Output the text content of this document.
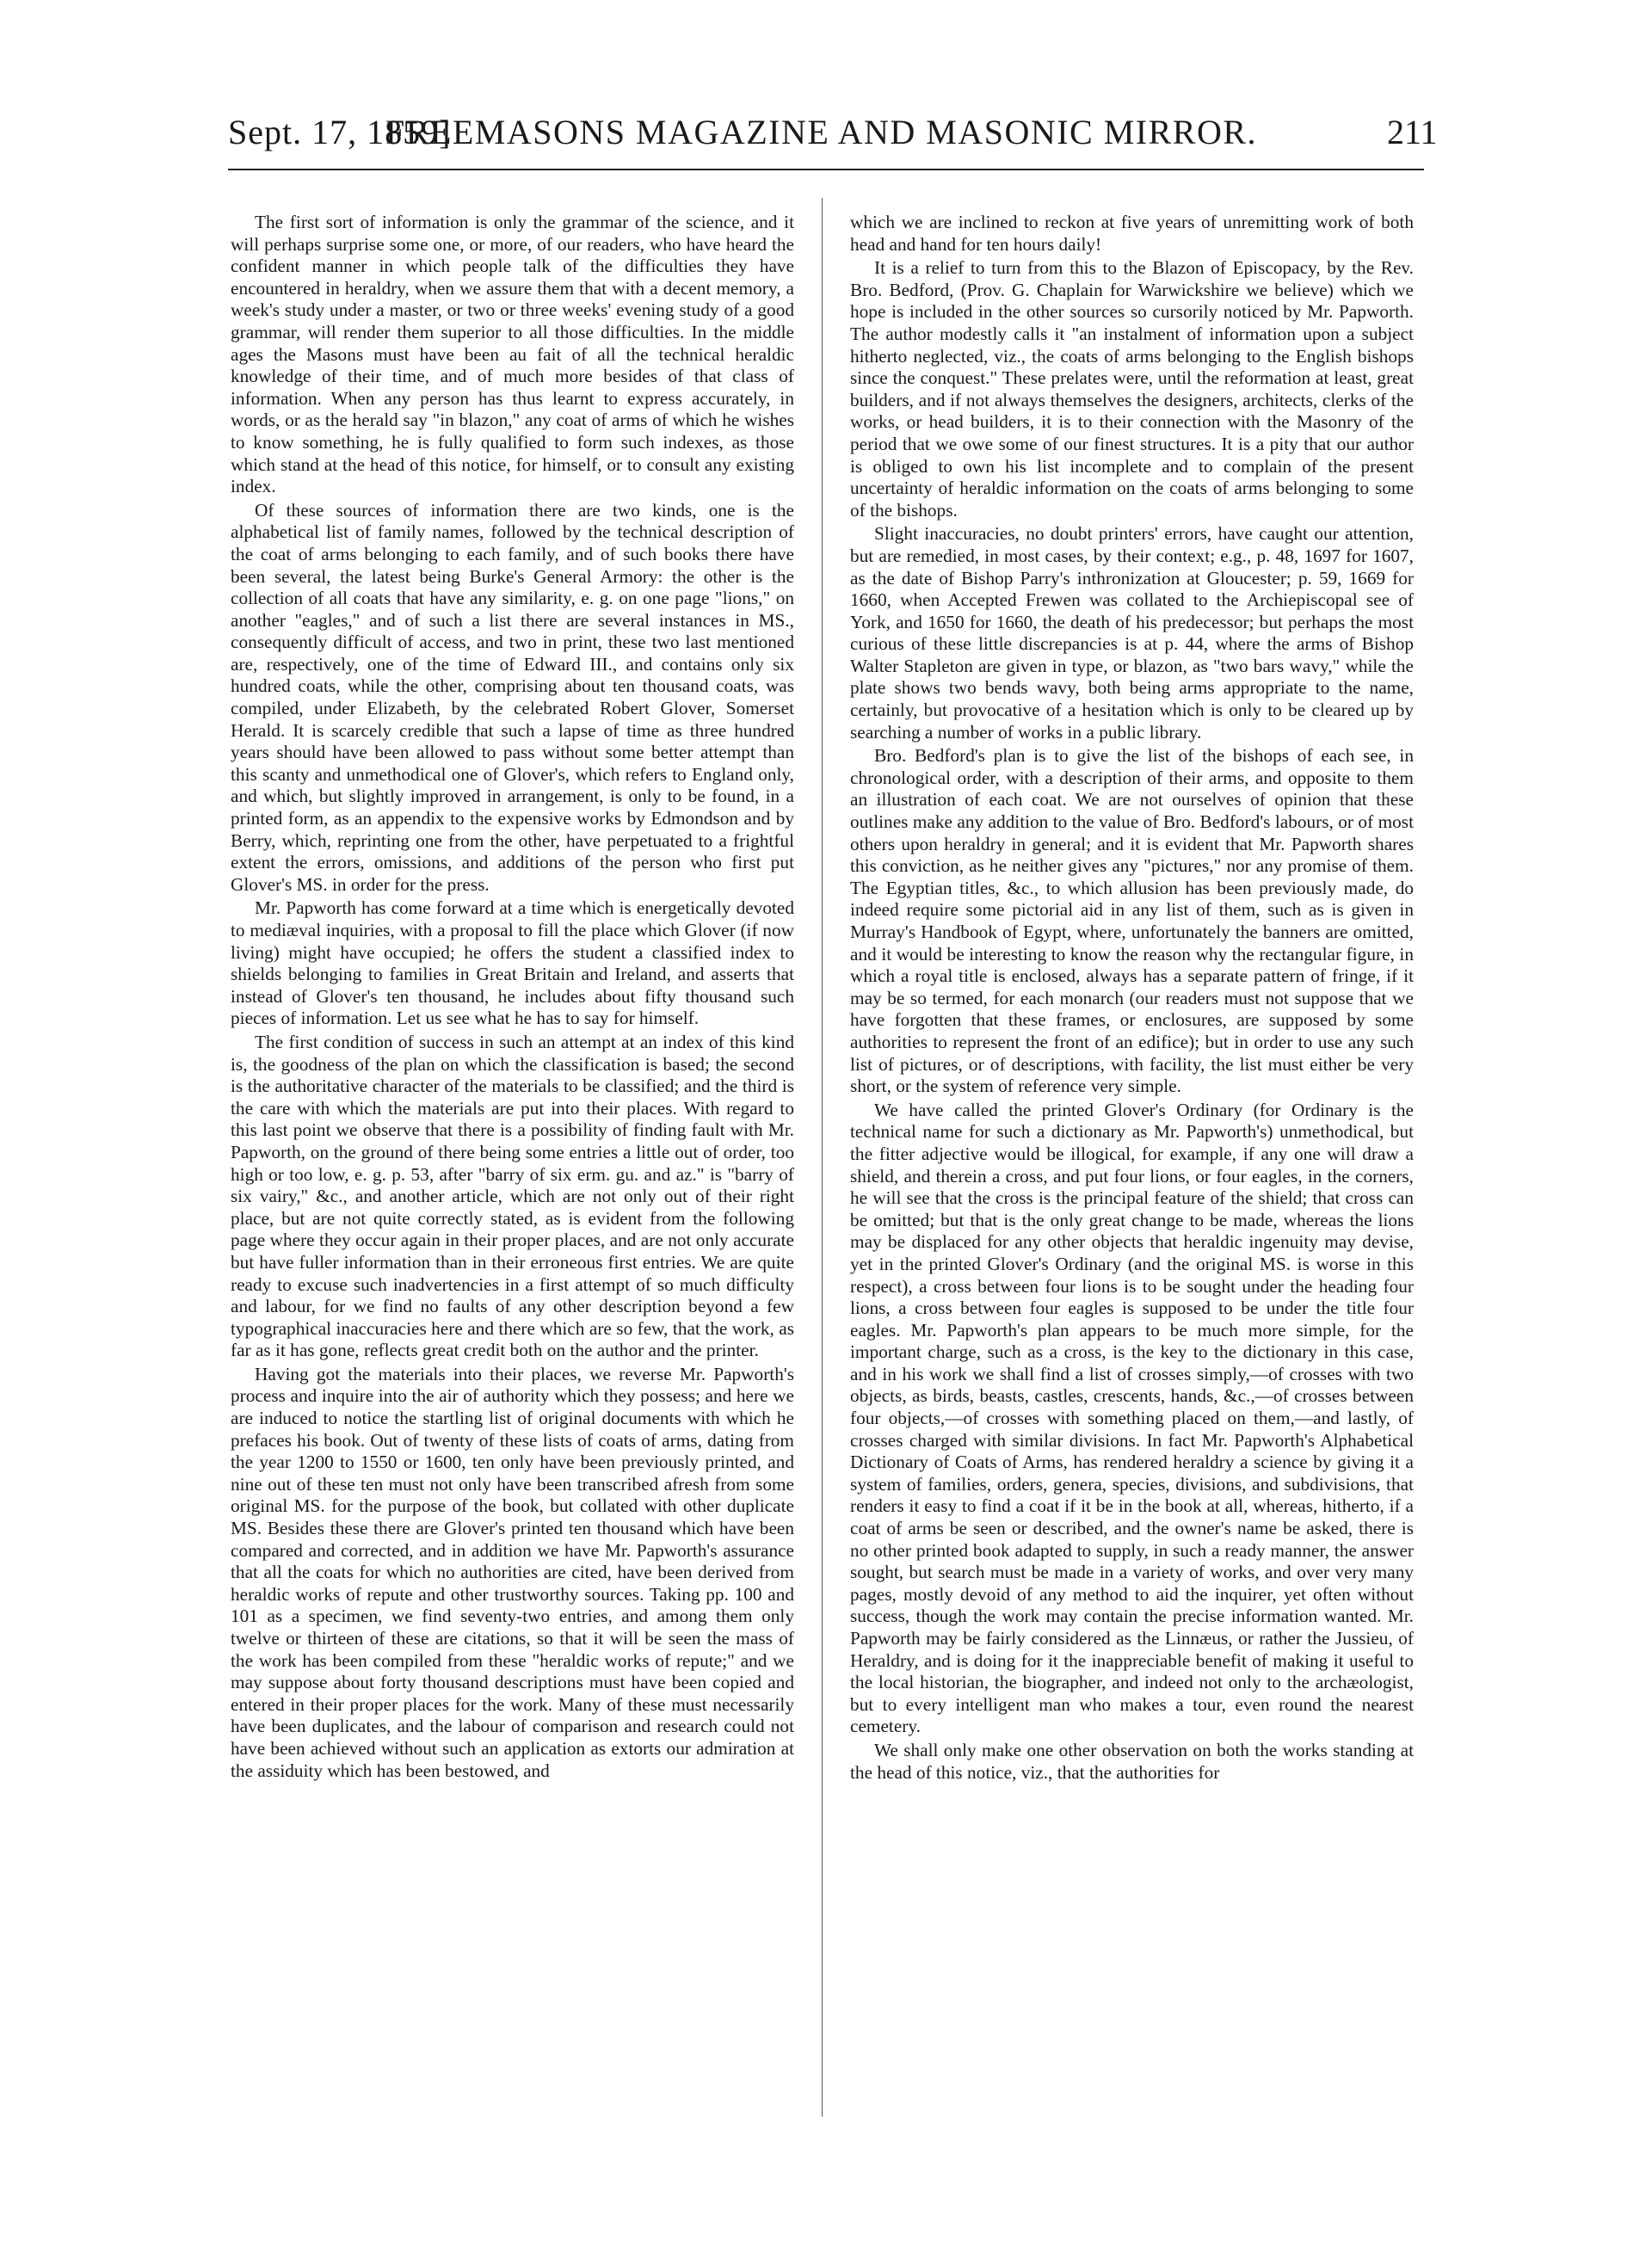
Sept. 17, 1859]
FREEMASONS MAGAZINE AND MASONIC MIRROR.	211

The first sort of information is only the grammar of the science, and it will perhaps surprise some one, or more, of our readers, who have heard the confident manner in which people talk of the difficulties they have encountered in heraldry, when we assure them that with a decent memory, a week's study under a master, or two or three weeks' evening study of a good grammar, will render them superior to all those difficulties. In the middle ages the Masons must have been au fait of all the technical heraldic knowledge of their time, and of much more besides of that class of information. When any person has thus learnt to express accurately, in words, or as the herald say "in blazon," any coat of arms of which he wishes to know something, he is fully qualified to form such indexes, as those which stand at the head of this notice, for himself, or to consult any existing index.

Of these sources of information there are two kinds, one is the alphabetical list of family names, followed by the technical description of the coat of arms belonging to each family, and of such books there have been several, the latest being Burke's General Armory: the other is the collection of all coats that have any similarity, e. g. on one page "lions," on another "eagles," and of such a list there are several instances in MS., consequently difficult of access, and two in print, these two last mentioned are, respectively, one of the time of Edward III., and contains only six hundred coats, while the other, comprising about ten thousand coats, was compiled, under Elizabeth, by the celebrated Robert Glover, Somerset Herald. It is scarcely credible that such a lapse of time as three hundred years should have been allowed to pass without some better attempt than this scanty and unmethodical one of Glover's, which refers to England only, and which, but slightly improved in arrangement, is only to be found, in a printed form, as an appendix to the expensive works by Edmondson and by Berry, which, reprinting one from the other, have perpetuated to a frightful extent the errors, omissions, and additions of the person who first put Glover's MS. in order for the press.

Mr. Papworth has come forward at a time which is energetically devoted to mediæval inquiries, with a proposal to fill the place which Glover (if now living) might have occupied; he offers the student a classified index to shields belonging to families in Great Britain and Ireland, and asserts that instead of Glover's ten thousand, he includes about fifty thousand such pieces of information. Let us see what he has to say for himself.

The first condition of success in such an attempt at an index of this kind is, the goodness of the plan on which the classification is based; the second is the authoritative character of the materials to be classified; and the third is the care with which the materials are put into their places. With regard to this last point we observe that there is a possibility of finding fault with Mr. Papworth, on the ground of there being some entries a little out of order, too high or too low, e. g. p. 53, after "barry of six erm. gu. and az." is "barry of six vairy," &c., and another article, which are not only out of their right place, but are not quite correctly stated, as is evident from the following page where they occur again in their proper places, and are not only accurate but have fuller information than in their erroneous first entries. We are quite ready to excuse such inadvertencies in a first attempt of so much difficulty and labour, for we find no faults of any other description beyond a few typographical inaccuracies here and there which are so few, that the work, as far as it has gone, reflects great credit both on the author and the printer.

Having got the materials into their places, we reverse Mr. Papworth's process and inquire into the air of authority which they possess; and here we are induced to notice the startling list of original documents with which he prefaces his book. Out of twenty of these lists of coats of arms, dating from the year 1200 to 1550 or 1600, ten only have been previously printed, and nine out of these ten must not only have been transcribed afresh from some original MS. for the purpose of the book, but collated with other duplicate MS. Besides these there are Glover's printed ten thousand which have been compared and corrected, and in addition we have Mr. Papworth's assurance that all the coats for which no authorities are cited, have been derived from heraldic works of repute and other trustworthy sources. Taking pp. 100 and 101 as a specimen, we find seventy-two entries, and among them only twelve or thirteen of these are citations, so that it will be seen the mass of the work has been compiled from these "heraldic works of repute;" and we may suppose about forty thousand descriptions must have been copied and entered in their proper places for the work. Many of these must necessarily have been duplicates, and the labour of comparison and research could not have been achieved without such an application as extorts our admiration at the assiduity which has been bestowed, and

which we are inclined to reckon at five years of unremitting work of both head and hand for ten hours daily!

It is a relief to turn from this to the Blazon of Episcopacy, by the Rev. Bro. Bedford, (Prov. G. Chaplain for Warwickshire we believe) which we hope is included in the other sources so cursorily noticed by Mr. Papworth. The author modestly calls it "an instalment of information upon a subject hitherto neglected, viz., the coats of arms belonging to the English bishops since the conquest." These prelates were, until the reformation at least, great builders, and if not always themselves the designers, architects, clerks of the works, or head builders, it is to their connection with the Masonry of the period that we owe some of our finest structures. It is a pity that our author is obliged to own his list incomplete and to complain of the present uncertainty of heraldic information on the coats of arms belonging to some of the bishops.

Slight inaccuracies, no doubt printers' errors, have caught our attention, but are remedied, in most cases, by their context; e.g., p. 48, 1697 for 1607, as the date of Bishop Parry's inthronization at Gloucester; p. 59, 1669 for 1660, when Accepted Frewen was collated to the Archiepiscopal see of York, and 1650 for 1660, the death of his predecessor; but perhaps the most curious of these little discrepancies is at p. 44, where the arms of Bishop Walter Stapleton are given in type, or blazon, as "two bars wavy," while the plate shows two bends wavy, both being arms appropriate to the name, certainly, but provocative of a hesitation which is only to be cleared up by searching a number of works in a public library.

Bro. Bedford's plan is to give the list of the bishops of each see, in chronological order, with a description of their arms, and opposite to them an illustration of each coat. We are not ourselves of opinion that these outlines make any addition to the value of Bro. Bedford's labours, or of most others upon heraldry in general; and it is evident that Mr. Papworth shares this conviction, as he neither gives any "pictures," nor any promise of them. The Egyptian titles, &c., to which allusion has been previously made, do indeed require some pictorial aid in any list of them, such as is given in Murray's Handbook of Egypt, where, unfortunately the banners are omitted, and it would be interesting to know the reason why the rectangular figure, in which a royal title is enclosed, always has a separate pattern of fringe, if it may be so termed, for each monarch (our readers must not suppose that we have forgotten that these frames, or enclosures, are supposed by some authorities to represent the front of an edifice); but in order to use any such list of pictures, or of descriptions, with facility, the list must either be very short, or the system of reference very simple.

We have called the printed Glover's Ordinary (for Ordinary is the technical name for such a dictionary as Mr. Papworth's) unmethodical, but the fitter adjective would be illogical, for example, if any one will draw a shield, and therein a cross, and put four lions, or four eagles, in the corners, he will see that the cross is the principal feature of the shield; that cross can be omitted; but that is the only great change to be made, whereas the lions may be displaced for any other objects that heraldic ingenuity may devise, yet in the printed Glover's Ordinary (and the original MS. is worse in this respect), a cross between four lions is to be sought under the heading four lions, a cross between four eagles is supposed to be under the title four eagles. Mr. Papworth's plan appears to be much more simple, for the important charge, such as a cross, is the key to the dictionary in this case, and in his work we shall find a list of crosses simply,—of crosses with two objects, as birds, beasts, castles, crescents, hands, &c.,—of crosses between four objects,—of crosses with something placed on them,—and lastly, of crosses charged with similar divisions. In fact Mr. Papworth's Alphabetical Dictionary of Coats of Arms, has rendered heraldry a science by giving it a system of families, orders, genera, species, divisions, and subdivisions, that renders it easy to find a coat if it be in the book at all, whereas, hitherto, if a coat of arms be seen or described, and the owner's name be asked, there is no other printed book adapted to supply, in such a ready manner, the answer sought, but search must be made in a variety of works, and over very many pages, mostly devoid of any method to aid the inquirer, yet often without success, though the work may contain the precise information wanted. Mr. Papworth may be fairly considered as the Linnæus, or rather the Jussieu, of Heraldry, and is doing for it the inappreciable benefit of making it useful to the local historian, the biographer, and indeed not only to the archæologist, but to every intelligent man who makes a tour, even round the nearest cemetery.

We shall only make one other observation on both the works standing at the head of this notice, viz., that the authorities for
